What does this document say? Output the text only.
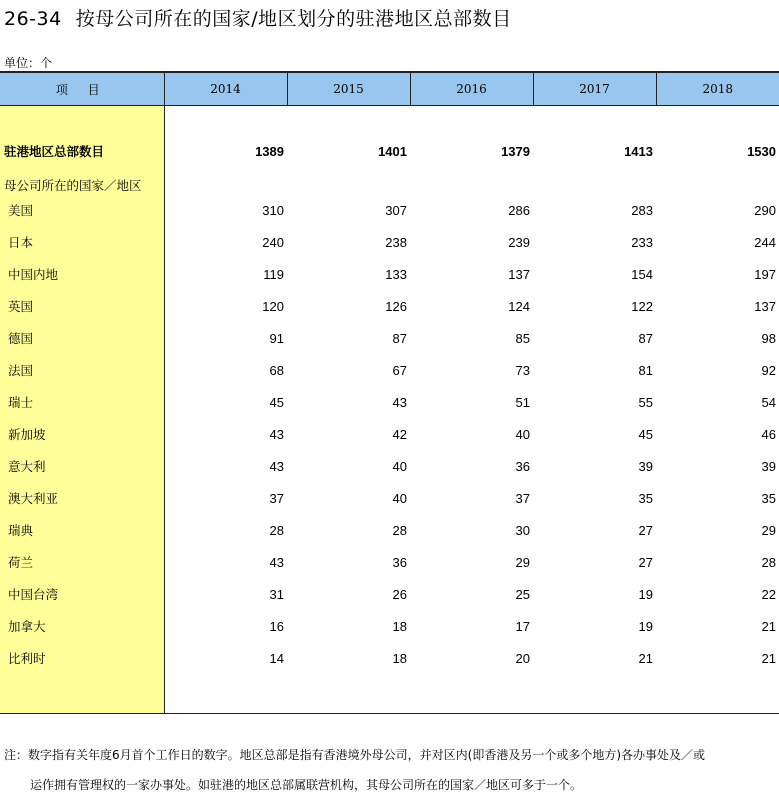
26-34 按母公司所在的国家/地区划分的驻港地区总部数目
单位：个
项 目	2014	2015	2016	2017	2018
驻港地区总部数目	1389	1401	1379	1413	1530
母公司所在的国家／地区					
美国	310	307	286	283	290
日本	240	238	239	233	244
中国内地	119	133	137	154	197
英国	120	126	124	122	137
德国	91	87	85	87	98
法国	68	67	73	81	92
瑞士	45	43	51	55	54
新加坡	43	42	40	45	46
意大利	43	40	36	39	39
澳大利亚	37	40	37	35	35
瑞典	28	28	30	27	29
荷兰	43	36	29	27	28
中国台湾	31	26	25	19	22
加拿大	16	18	17	19	21
比利时	14	18	20	21	21

注：数字指有关年度6月首个工作日的数字。地区总部是指有香港境外母公司，并对区内(即香港及另一个或多个地方)各办事处及／或
运作拥有管理权的一家办事处。如驻港的地区总部属联营机构，其母公司所在的国家／地区可多于一个。
